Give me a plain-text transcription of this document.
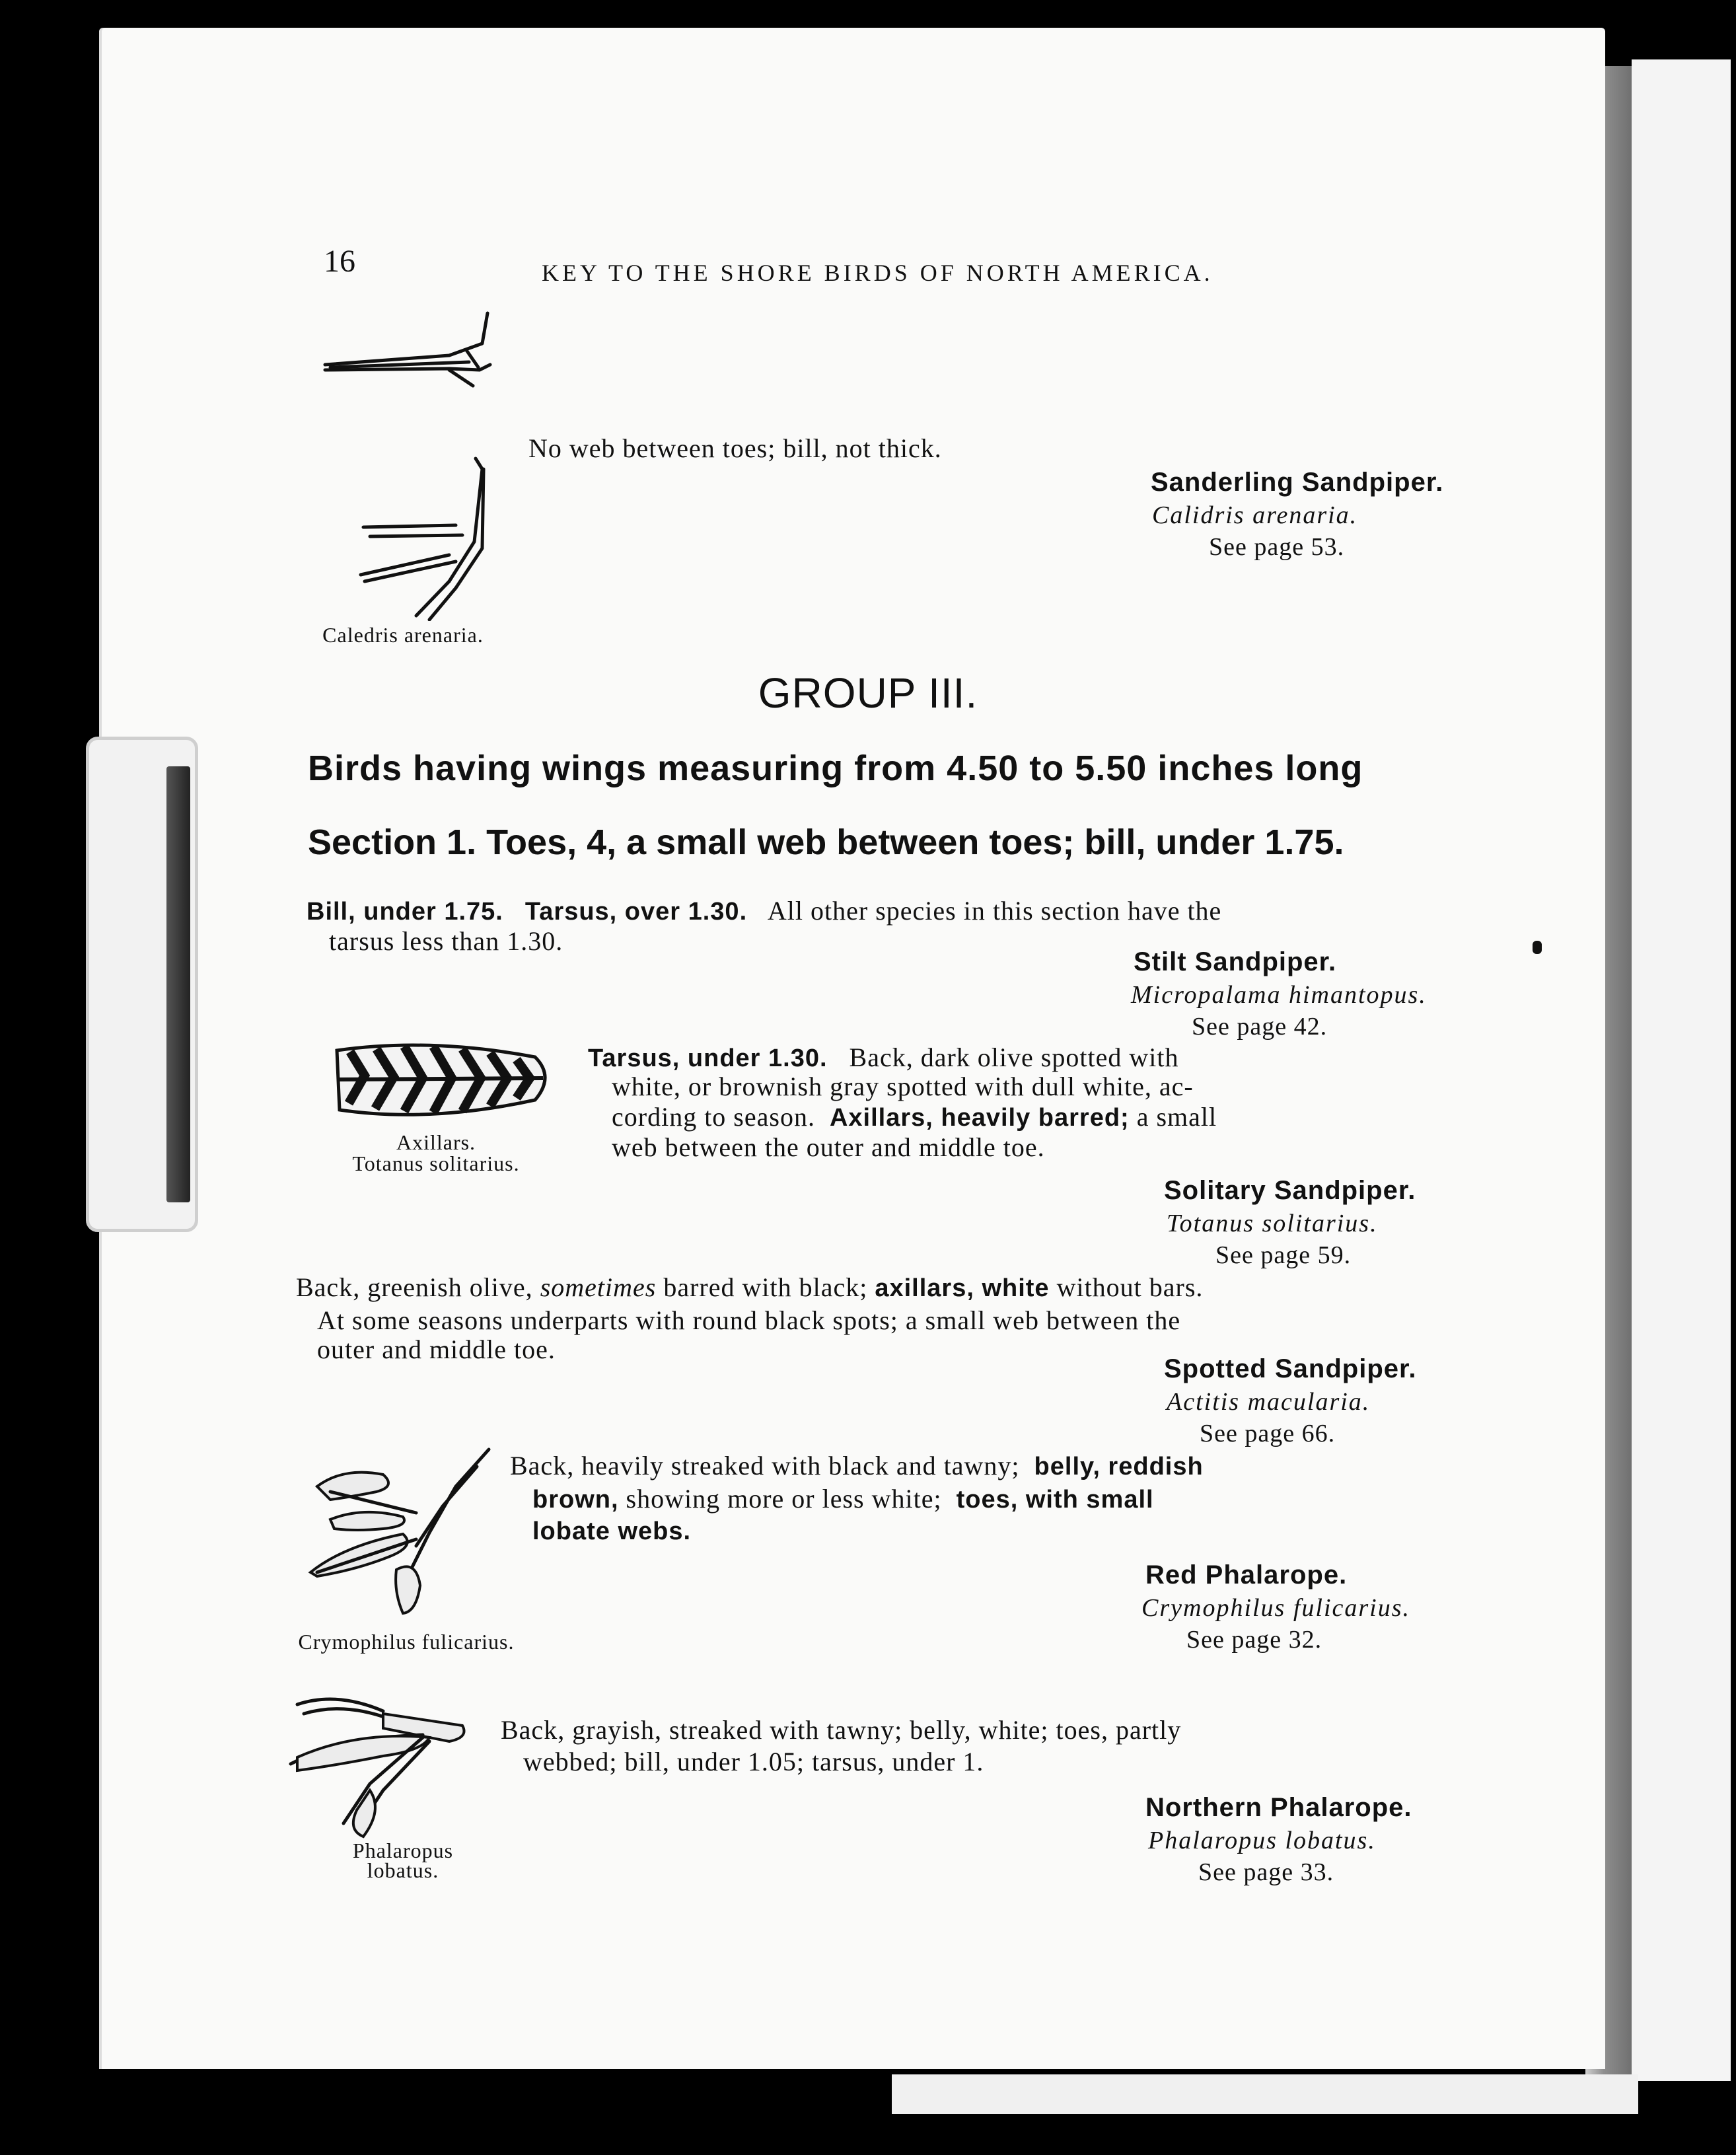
16	KEY TO THE SHORE BIRDS OF NORTH AMERICA.

Caledris arenaria.

No web between toes; bill, not thick.

Sanderling Sandpiper.

Calidris arenaria.

See page 53.

GROUP III.

Birds having wings measuring from 4.50 to 5.50 inches long

Section 1. Toes, 4, a small web between toes; bill, under 1.75.

Bill, under 1.75. Tarsus, over 1.30. All other species in this section have the

tarsus less than 1.30.

Stilt Sandpiper.

Micropalama himantopus.

See page 42.

Axillars.

Totanus solitarius.

Tarsus, under 1.30. Back, dark olive spotted with

white, or brownish gray spotted with dull white, ac-

cording to season. Axillars, heavily barred; a small

web between the outer and middle toe.

Solitary Sandpiper.

Totanus solitarius.

See page 59.

Back, greenish olive, sometimes barred with black; axillars, white without bars.

At some seasons underparts with round black spots; a small web between the

outer and middle toe.

Spotted Sandpiper.

Actitis macularia.

See page 66.

Crymophilus fulicarius.

Back, heavily streaked with black and tawny; belly, reddish

brown, showing more or less white; toes, with small

lobate webs.

Red Phalarope.

Crymophilus fulicarius.

See page 32.

Phalaropus

lobatus.

Back, grayish, streaked with tawny; belly, white; toes, partly

webbed; bill, under 1.05; tarsus, under 1.

Northern Phalarope.

Phalaropus lobatus.

See page 33.
